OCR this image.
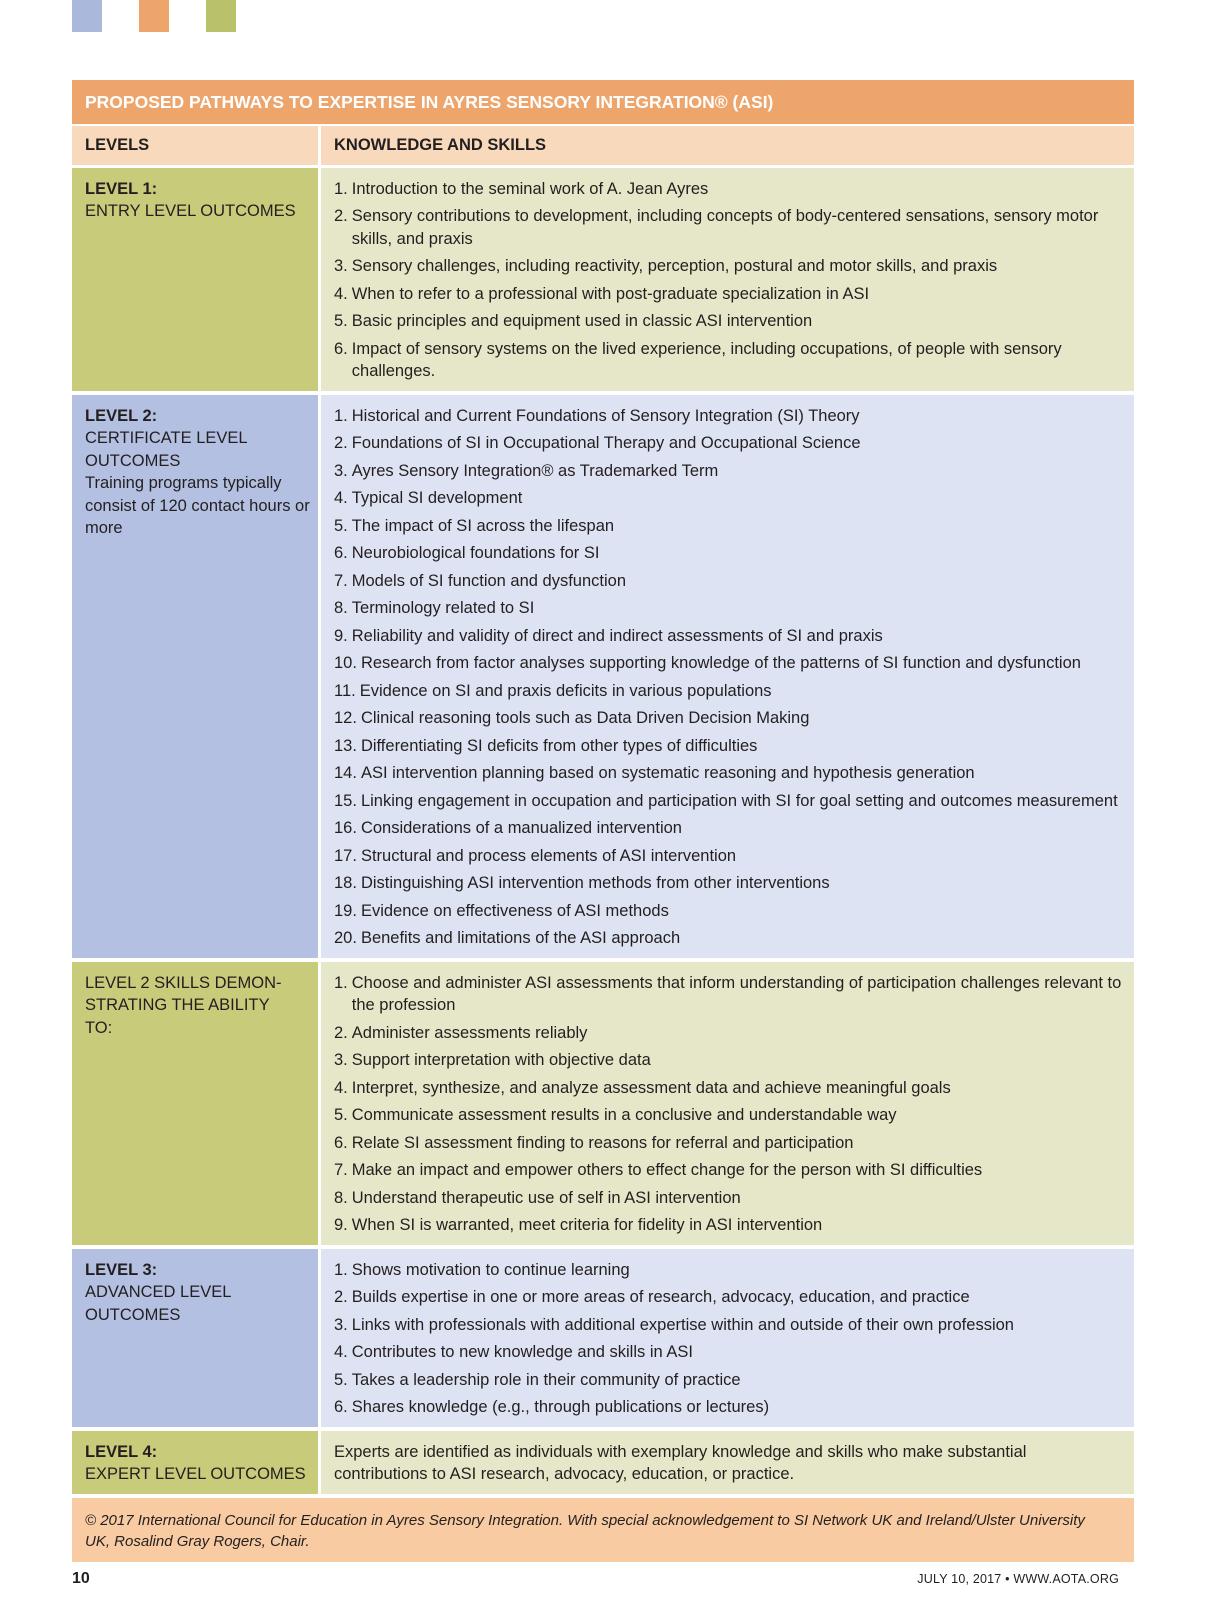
PROPOSED PATHWAYS TO EXPERTISE IN AYRES SENSORY INTEGRATION® (ASI)
LEVELS	KNOWLEDGE AND SKILLS
LEVEL 1:
ENTRY LEVEL OUTCOMES
1. Introduction to the seminal work of A. Jean Ayres
2. Sensory contributions to development, including concepts of body-centered sensations, sensory motor skills, and praxis
3. Sensory challenges, including reactivity, perception, postural and motor skills, and praxis
4. When to refer to a professional with post-graduate specialization in ASI
5. Basic principles and equipment used in classic ASI intervention
6. Impact of sensory systems on the lived experience, including occupations, of people with sensory challenges.
LEVEL 2:
CERTIFICATE LEVEL OUTCOMES
Training programs typically consist of 120 contact hours or more
1. Historical and Current Foundations of Sensory Integration (SI) Theory
2. Foundations of SI in Occupational Therapy and Occupational Science
3. Ayres Sensory Integration® as Trademarked Term
4. Typical SI development
5. The impact of SI across the lifespan
6. Neurobiological foundations for SI
7. Models of SI function and dysfunction
8. Terminology related to SI
9. Reliability and validity of direct and indirect assessments of SI and praxis
10. Research from factor analyses supporting knowledge of the patterns of SI function and dysfunction
11. Evidence on SI and praxis deficits in various populations
12. Clinical reasoning tools such as Data Driven Decision Making
13. Differentiating SI deficits from other types of difficulties
14. ASI intervention planning based on systematic reasoning and hypothesis generation
15. Linking engagement in occupation and participation with SI for goal setting and outcomes measurement
16. Considerations of a manualized intervention
17. Structural and process elements of ASI intervention
18. Distinguishing ASI intervention methods from other interventions
19. Evidence on effectiveness of ASI methods
20. Benefits and limitations of the ASI approach
LEVEL 2 SKILLS DEMON-STRATING THE ABILITY TO:
1. Choose and administer ASI assessments that inform understanding of participation challenges relevant to the profession
2. Administer assessments reliably
3. Support interpretation with objective data
4. Interpret, synthesize, and analyze assessment data and achieve meaningful goals
5. Communicate assessment results in a conclusive and understandable way
6. Relate SI assessment finding to reasons for referral and participation
7. Make an impact and empower others to effect change for the person with SI difficulties
8. Understand therapeutic use of self in ASI intervention
9. When SI is warranted, meet criteria for fidelity in ASI intervention
LEVEL 3:
ADVANCED LEVEL OUTCOMES
1. Shows motivation to continue learning
2. Builds expertise in one or more areas of research, advocacy, education, and practice
3. Links with professionals with additional expertise within and outside of their own profession
4. Contributes to new knowledge and skills in ASI
5. Takes a leadership role in their community of practice
6. Shares knowledge (e.g., through publications or lectures)
LEVEL 4:
EXPERT LEVEL OUTCOMES
Experts are identified as individuals with exemplary knowledge and skills who make substantial contributions to ASI research, advocacy, education, or practice.
© 2017 International Council for Education in Ayres Sensory Integration. With special acknowledgement to SI Network UK and Ireland/Ulster University UK, Rosalind Gray Rogers, Chair.
10	JULY 10, 2017 • WWW.AOTA.ORG
